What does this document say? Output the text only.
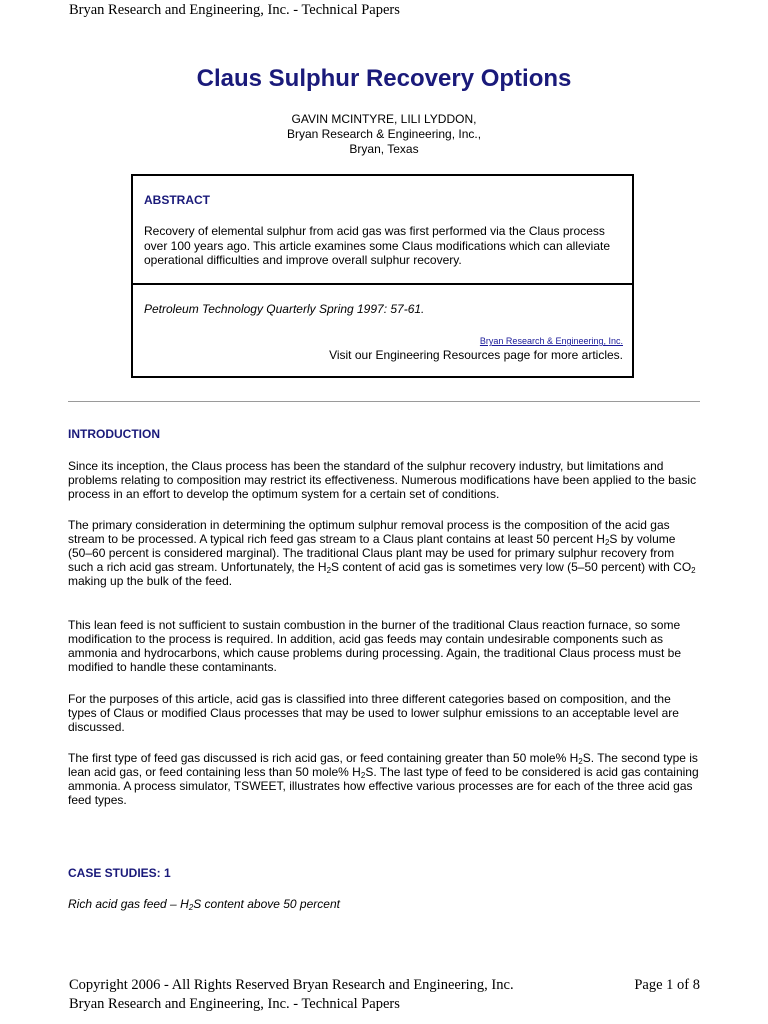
Bryan Research and Engineering, Inc. - Technical Papers
Claus Sulphur Recovery Options
GAVIN MCINTYRE, LILI LYDDON,
Bryan Research & Engineering, Inc.,
Bryan, Texas
ABSTRACT
Recovery of elemental sulphur from acid gas was first performed via the Claus process over 100 years ago. This article examines some Claus modifications which can alleviate operational difficulties and improve overall sulphur recovery.
Petroleum Technology Quarterly Spring 1997: 57-61.
Bryan Research & Engineering, Inc.
Visit our Engineering Resources page for more articles.
INTRODUCTION
Since its inception, the Claus process has been the standard of the sulphur recovery industry, but limitations and problems relating to composition may restrict its effectiveness. Numerous modifications have been applied to the basic process in an effort to develop the optimum system for a certain set of conditions.
The primary consideration in determining the optimum sulphur removal process is the composition of the acid gas stream to be processed. A typical rich feed gas stream to a Claus plant contains at least 50 percent $H_2S$ by volume (50–60 percent is considered marginal). The traditional Claus plant may be used for primary sulphur recovery from such a rich acid gas stream. Unfortunately, the $H_2S$ content of acid gas is sometimes very low (5–50 percent) with $CO_2$ making up the bulk of the feed.
This lean feed is not sufficient to sustain combustion in the burner of the traditional Claus reaction furnace, so some modification to the process is required. In addition, acid gas feeds may contain undesirable components such as ammonia and hydrocarbons, which cause problems during processing. Again, the traditional Claus process must be modified to handle these contaminants.
For the purposes of this article, acid gas is classified into three different categories based on composition, and the types of Claus or modified Claus processes that may be used to lower sulphur emissions to an acceptable level are discussed.
The first type of feed gas discussed is rich acid gas, or feed containing greater than 50 mole% $H_2S$. The second type is lean acid gas, or feed containing less than 50 mole% $H_2S$. The last type of feed to be considered is acid gas containing ammonia. A process simulator, TSWEET, illustrates how effective various processes are for each of the three acid gas feed types.
CASE STUDIES: 1
Rich acid gas feed – $H_2S$ content above 50 percent
Copyright 2006 - All Rights Reserved Bryan Research and Engineering, Inc.	Page 1 of 8
Bryan Research and Engineering, Inc. - Technical Papers
